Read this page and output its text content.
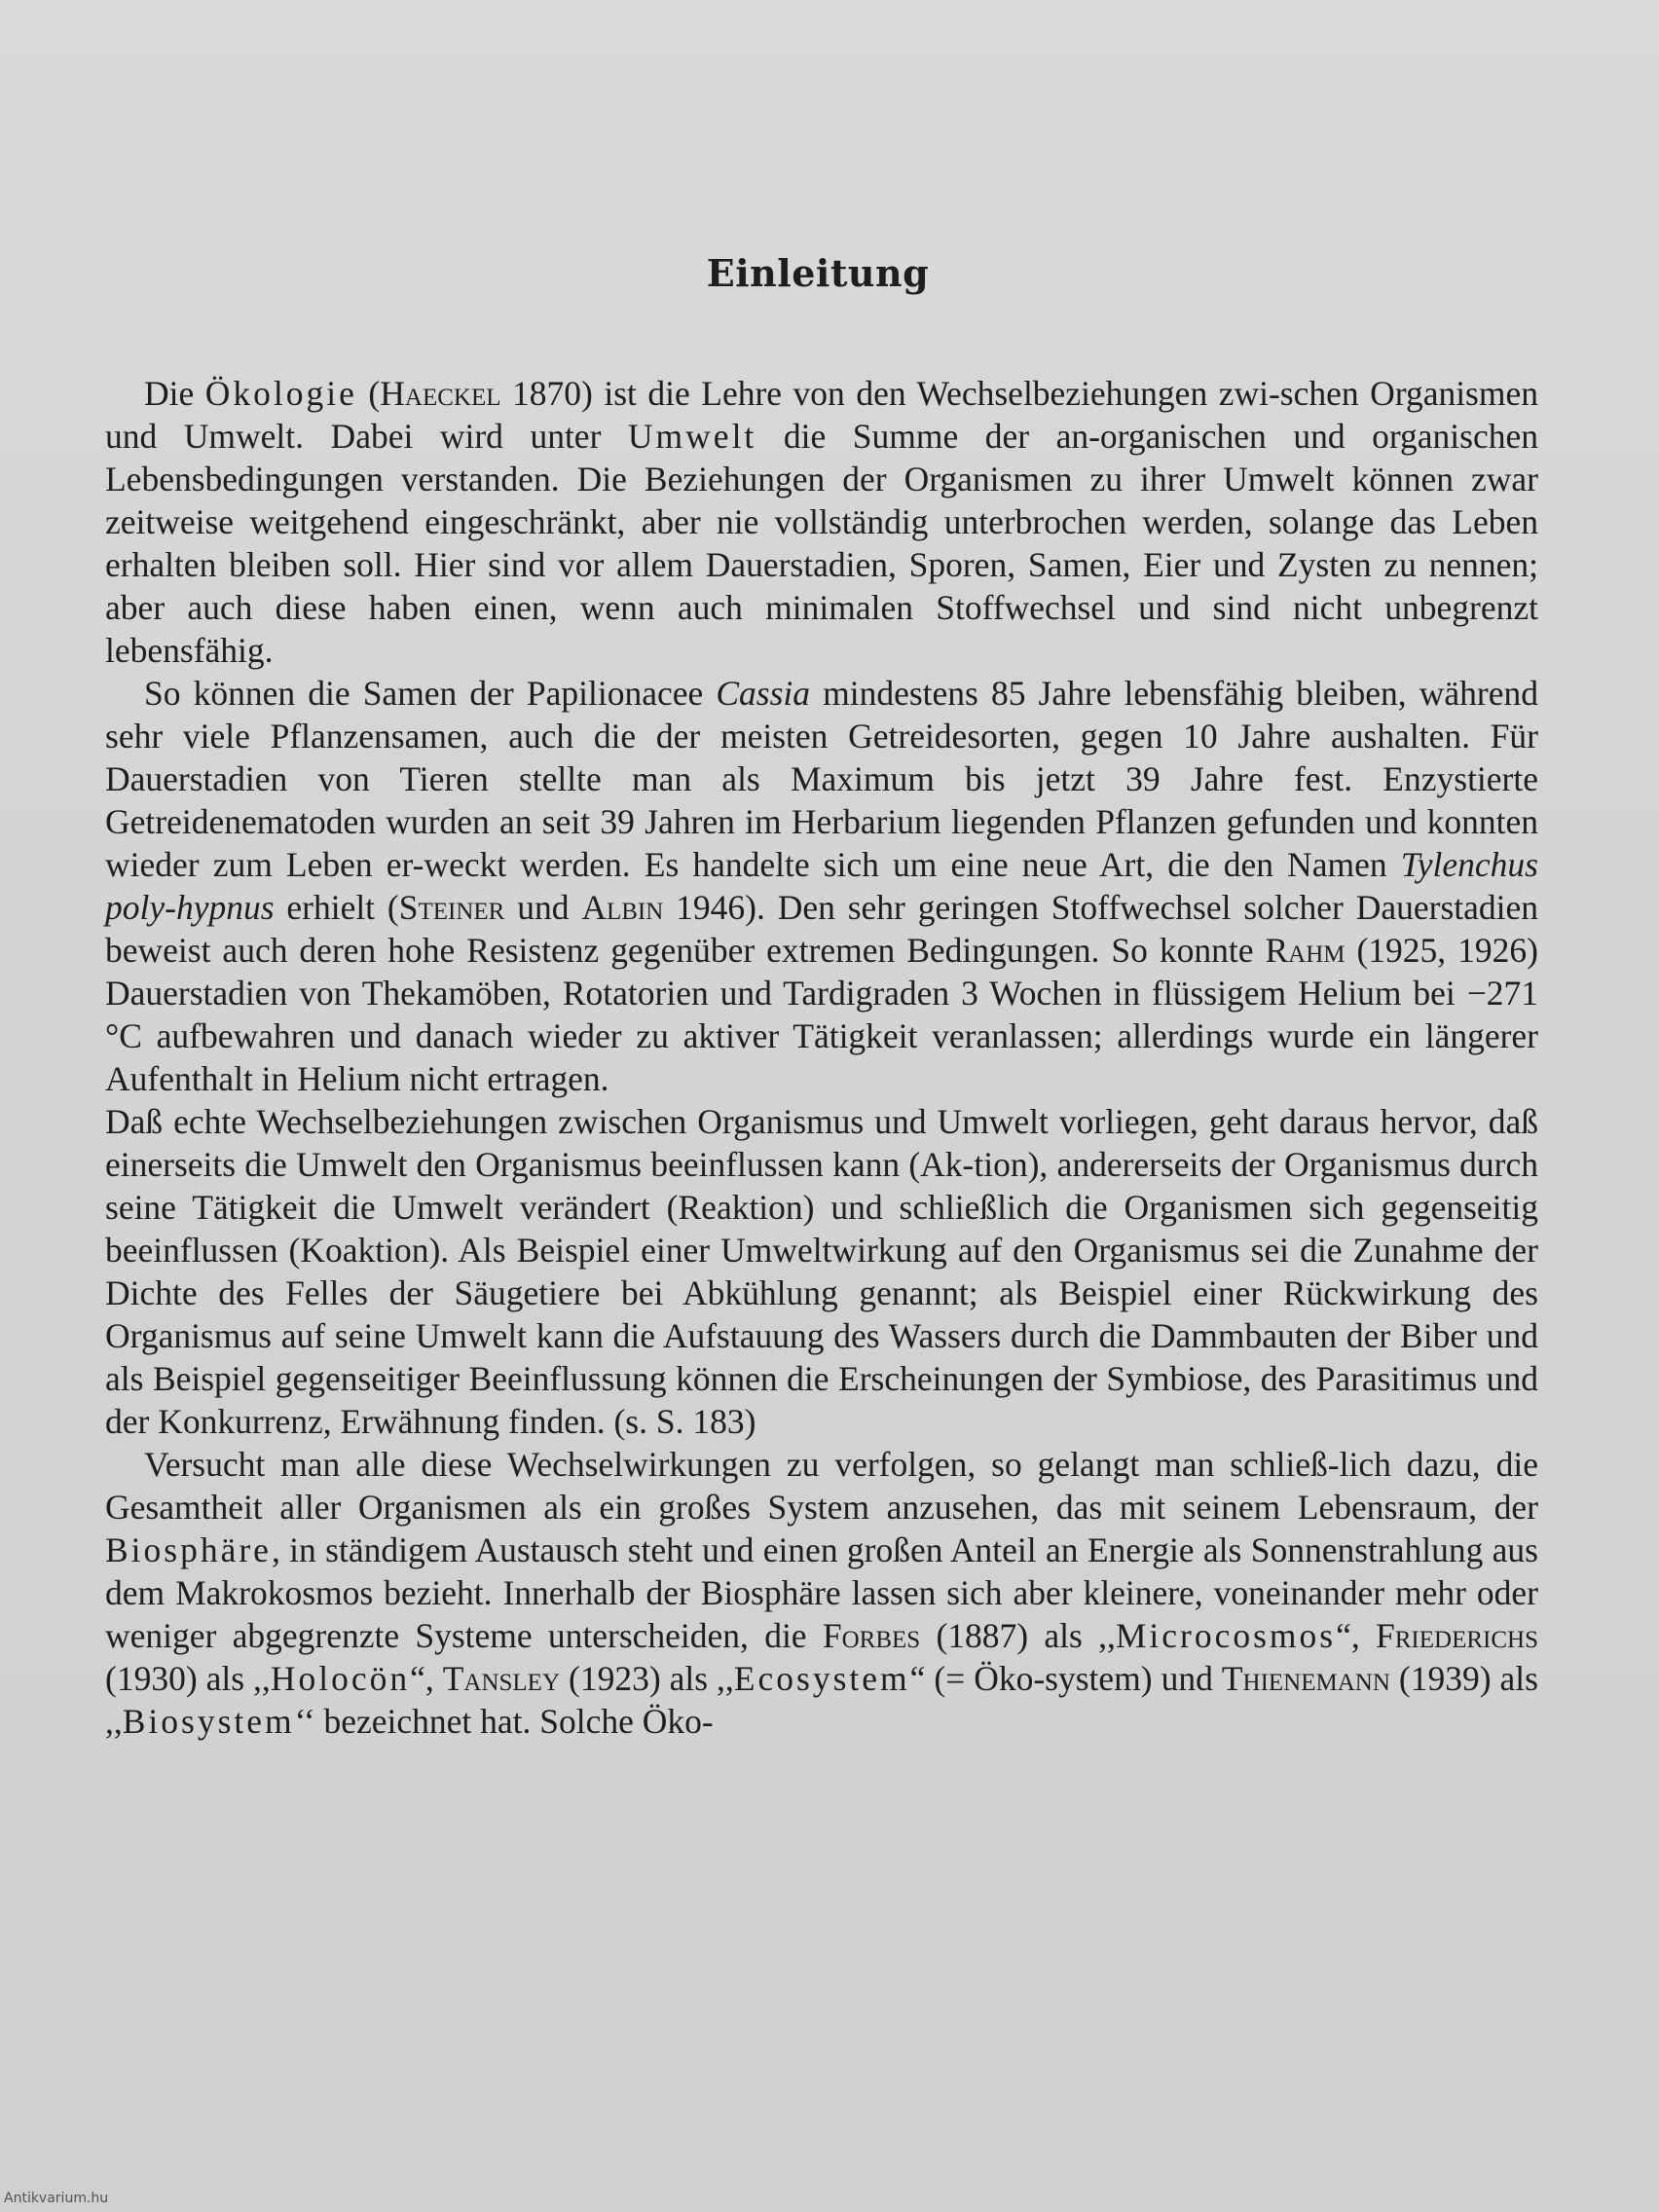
Einleitung

Die Ökologie (Haeckel 1870) ist die Lehre von den Wechselbeziehungen zwi-schen Organismen und Umwelt. Dabei wird unter Umwelt die Summe der an-organischen und organischen Lebensbedingungen verstanden. Die Beziehungen der Organismen zu ihrer Umwelt können zwar zeitweise weitgehend eingeschränkt, aber nie vollständig unterbrochen werden, solange das Leben erhalten bleiben soll. Hier sind vor allem Dauerstadien, Sporen, Samen, Eier und Zysten zu nennen; aber auch diese haben einen, wenn auch minimalen Stoffwechsel und sind nicht unbegrenzt lebensfähig.

So können die Samen der Papilionacee Cassia mindestens 85 Jahre lebensfähig bleiben, während sehr viele Pflanzensamen, auch die der meisten Getreidesorten, gegen 10 Jahre aushalten. Für Dauerstadien von Tieren stellte man als Maximum bis jetzt 39 Jahre fest. Enzystierte Getreidenematoden wurden an seit 39 Jahren im Herbarium liegenden Pflanzen gefunden und konnten wieder zum Leben er-weckt werden. Es handelte sich um eine neue Art, die den Namen Tylenchus poly-hypnus erhielt (Steiner und Albin 1946). Den sehr geringen Stoffwechsel solcher Dauerstadien beweist auch deren hohe Resistenz gegenüber extremen Bedingungen. So konnte Rahm (1925, 1926) Dauerstadien von Thekamöben, Rotatorien und Tardigraden 3 Wochen in flüssigem Helium bei −271 °C aufbewahren und danach wieder zu aktiver Tätigkeit veranlassen; allerdings wurde ein längerer Aufenthalt in Helium nicht ertragen.

Daß echte Wechselbeziehungen zwischen Organismus und Umwelt vorliegen, geht daraus hervor, daß einerseits die Umwelt den Organismus beeinflussen kann (Ak-tion), andererseits der Organismus durch seine Tätigkeit die Umwelt verändert (Reaktion) und schließlich die Organismen sich gegenseitig beeinflussen (Koaktion). Als Beispiel einer Umweltwirkung auf den Organismus sei die Zunahme der Dichte des Felles der Säugetiere bei Abkühlung genannt; als Beispiel einer Rückwirkung des Organismus auf seine Umwelt kann die Aufstauung des Wassers durch die Dammbauten der Biber und als Beispiel gegenseitiger Beeinflussung können die Erscheinungen der Symbiose, des Parasitimus und der Konkurrenz, Erwähnung finden. (s. S. 183)

Versucht man alle diese Wechselwirkungen zu verfolgen, so gelangt man schließ-lich dazu, die Gesamtheit aller Organismen als ein großes System anzusehen, das mit seinem Lebensraum, der Biosphäre, in ständigem Austausch steht und einen großen Anteil an Energie als Sonnenstrahlung aus dem Makrokosmos bezieht. Innerhalb der Biosphäre lassen sich aber kleinere, voneinander mehr oder weniger abgegrenzte Systeme unterscheiden, die Forbes (1887) als ,,Microcosmos“, Friederichs (1930) als ,,Holocön“, Tansley (1923) als ,,Ecosystem“ (= Öko-system) und Thienemann (1939) als ,,Biosystem‘‘ bezeichnet hat. Solche Öko-

Antikvarium.hu
